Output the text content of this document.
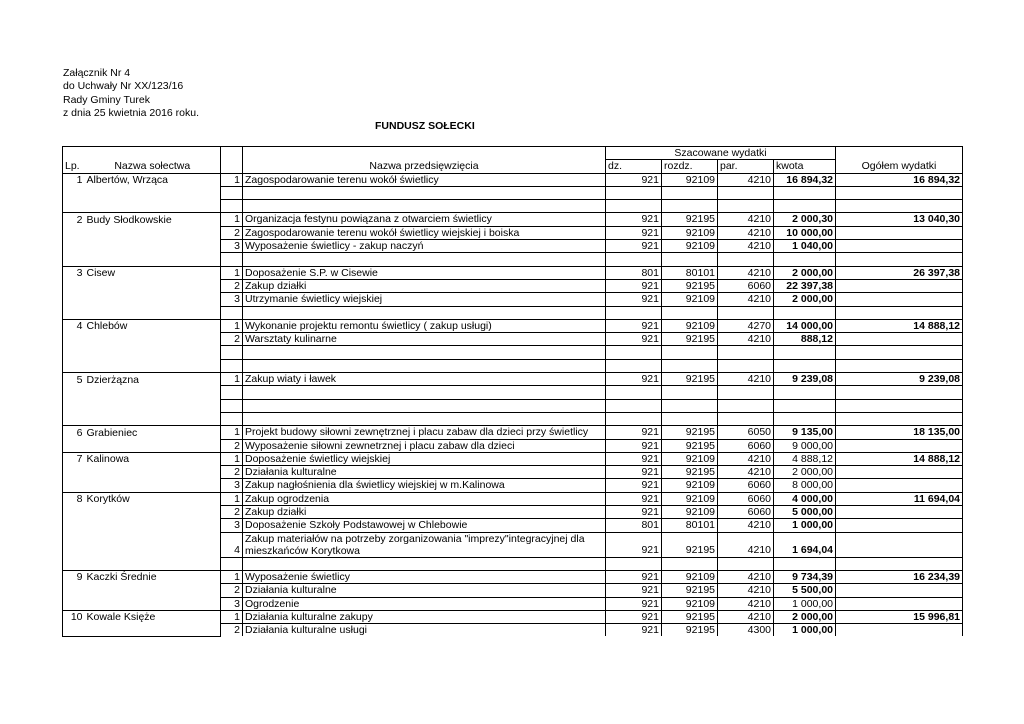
Załącznik Nr 4
do Uchwały Nr XX/123/16
Rady Gminy Turek
z dnia 25 kwietnia 2016 roku.
FUNDUSZ SOŁECKI
				Szacowane wydatki				
Lp.	Nazwa sołectwa		Nazwa przedsięwzięcia	dz.	rozdz.	par.	kwota	Ogółem wydatki
1	Albertów, Wrząca	1	Zagospodarowanie terenu wokół świetlicy	921	92109	4210	16 894,32	16 894,32

2	Budy Słodkowskie	1	Organizacja festynu powiązana z otwarciem świetlicy	921	92195	4210	2 000,30	13 040,30
		2	Zagospodarowanie terenu wokół świetlicy wiejskiej i boiska	921	92109	4210	10 000,00	
		3	Wyposażenie świetlicy - zakup naczyń	921	92109	4210	1 040,00	

3	Cisew	1	Doposażenie S.P. w Cisewie	801	80101	4210	2 000,00	26 397,38
		2	Zakup działki	921	92195	6060	22 397,38	
		3	Utrzymanie świetlicy wiejskiej	921	92109	4210	2 000,00	

4	Chlebów	1	Wykonanie projektu remontu świetlicy ( zakup usługi)	921	92109	4270	14 000,00	14 888,12
		2	Warsztaty kulinarne	921	92195	4210	888,12	

5	Dzierżązna	1	Zakup wiaty i ławek	921	92195	4210	9 239,08	9 239,08

6	Grabieniec	1	Projekt budowy siłowni zewnętrznej i placu zabaw dla dzieci przy świetlicy	921	92195	6050	9 135,00	18 135,00
		2	Wyposażenie siłowni zewnetrznej i placu zabaw dla dzieci	921	92195	6060	9 000,00	
7	Kalinowa	1	Doposażenie świetlicy wiejskiej	921	92109	4210	4 888,12	14 888,12
		2	Działania kulturalne	921	92195	4210	2 000,00	
		3	Zakup nagłośnienia dla świetlicy wiejskiej w m.Kalinowa	921	92109	6060	8 000,00	
8	Korytków	1	Zakup ogrodzenia	921	92109	6060	4 000,00	11 694,04
		2	Zakup działki	921	92109	6060	5 000,00	
		3	Doposażenie Szkoły Podstawowej w Chlebowie	801	80101	4210	1 000,00	
		4	Zakup materiałów na potrzeby zorganizowania "imprezy"integracyjnej dla mieszkańców Korytkowa	921	92195	4210	1 694,04	

9	Kaczki Średnie	1	Wyposażenie świetlicy	921	92109	4210	9 734,39	16 234,39
		2	Działania kulturalne	921	92195	4210	5 500,00	
		3	Ogrodzenie	921	92109	4210	1 000,00	
10	Kowale Księże	1	Działania kulturalne zakupy	921	92195	4210	2 000,00	15 996,81
		2	Działania kulturalne usługi	921	92195	4300	1 000,00	
